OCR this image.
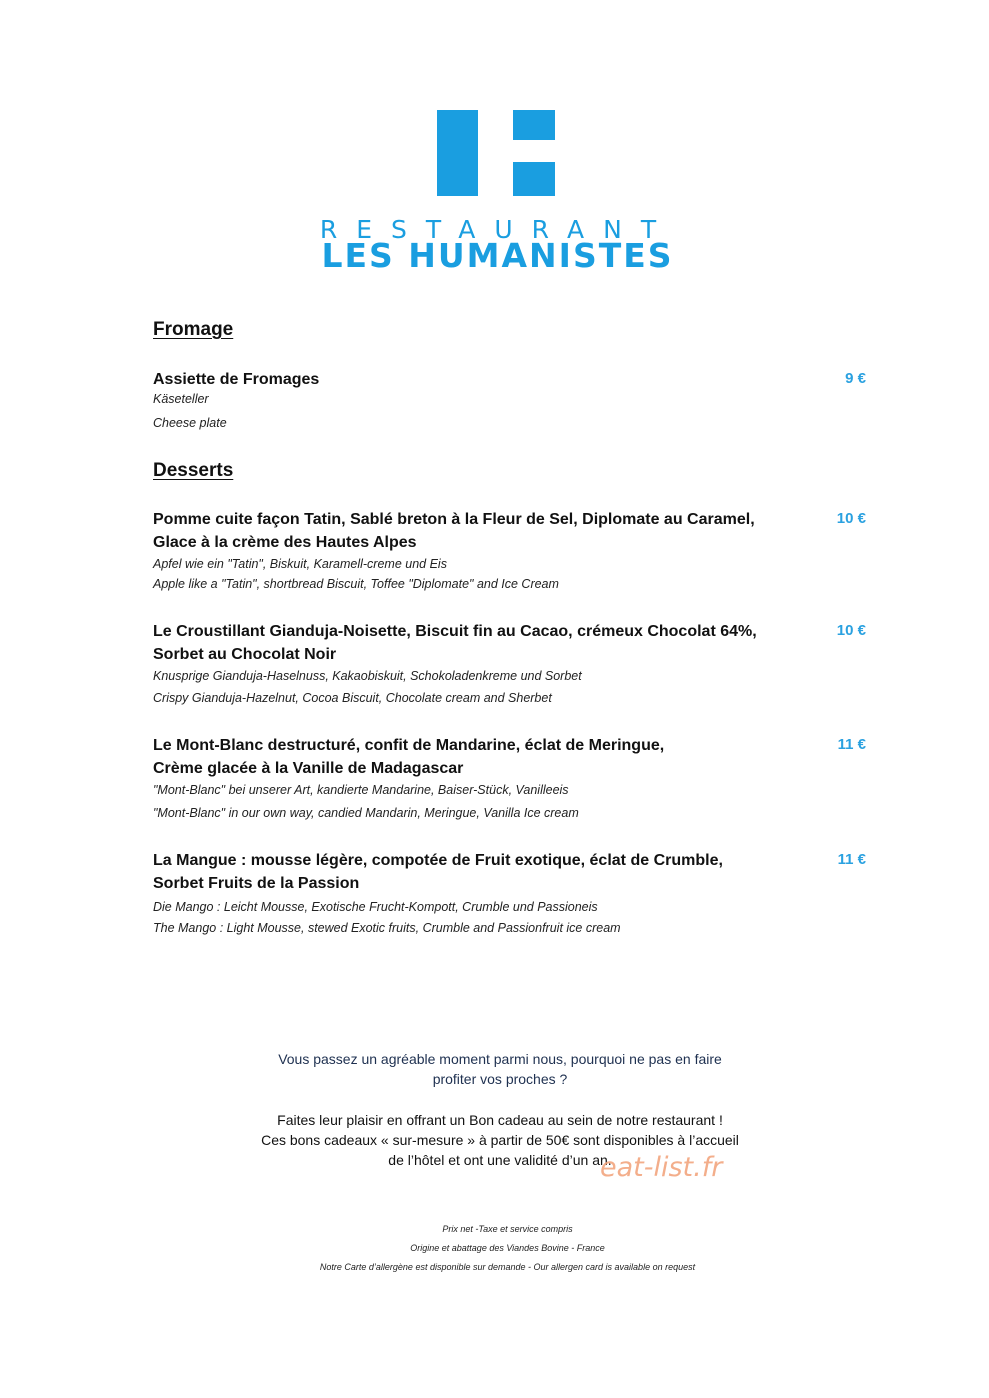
RESTAURANT
LES HUMANISTES
Fromage
Assiette de Fromages	9 €
Käseteller
Cheese plate
Desserts
Pomme cuite façon Tatin, Sablé breton à la Fleur de Sel, Diplomate au Caramel,
Glace à la crème des Hautes Alpes
10 €
Apfel wie ein "Tatin", Biskuit, Karamell-creme und Eis
Apple like a "Tatin", shortbread Biscuit, Toffee "Diplomate" and Ice Cream
Le Croustillant Gianduja-Noisette, Biscuit fin au Cacao, crémeux Chocolat 64%,
Sorbet au Chocolat Noir
10 €
Knusprige Gianduja-Haselnuss, Kakaobiskuit, Schokoladenkreme und Sorbet
Crispy Gianduja-Hazelnut, Cocoa Biscuit, Chocolate cream and Sherbet
Le Mont-Blanc destructuré, confit de Mandarine, éclat de Meringue,
Crème glacée à la Vanille de Madagascar
11 €
"Mont-Blanc" bei unserer Art, kandierte Mandarine, Baiser-Stück, Vanilleeis
"Mont-Blanc" in our own way, candied Mandarin, Meringue, Vanilla Ice cream
La Mangue : mousse légère, compotée de Fruit exotique, éclat de Crumble,
Sorbet Fruits de la Passion
11 €
Die Mango : Leicht Mousse, Exotische Frucht-Kompott, Crumble und Passioneis
The Mango : Light Mousse, stewed Exotic fruits, Crumble and Passionfruit ice cream
Vous passez un agréable moment parmi nous, pourquoi ne pas en faire
profiter vos proches ?
Faites leur plaisir en offrant un Bon cadeau au sein de notre restaurant !
Ces bons cadeaux « sur-mesure » à partir de 50€ sont disponibles à l’accueil
de l’hôtel et ont une validité d’un an.
eat-list.fr
Prix net -Taxe et service compris
Origine et abattage des Viandes Bovine - France
Notre Carte d’allergène est disponible sur demande - Our allergen card is available on request
